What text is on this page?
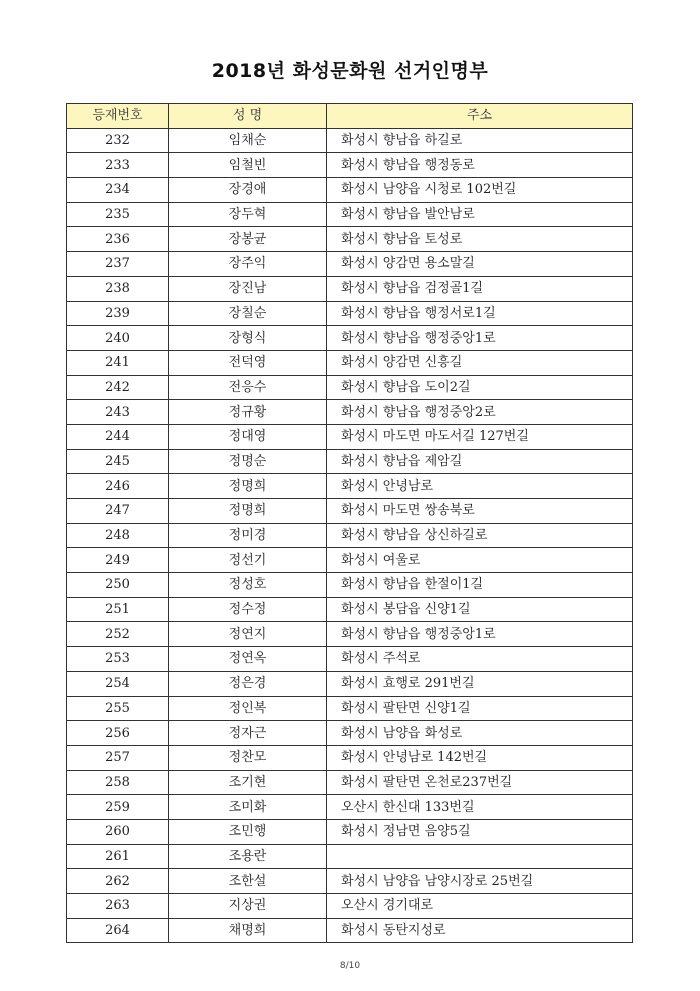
2018년 화성문화원 선거인명부
등재번호	성 명	주소
232	임채순	화성시 향남읍 하길로
233	임철빈	화성시 향남읍 행정동로
234	장경애	화성시 남양읍 시청로 102번길
235	장두혁	화성시 향남읍 발안남로
236	장봉균	화성시 향남읍 토성로
237	장주익	화성시 양감면 용소말길
238	장진남	화성시 향남읍 검정골1길
239	장칠순	화성시 향남읍 행정서로1길
240	장형식	화성시 향남읍 행정중앙1로
241	전덕영	화성시 양감면 신흥길
242	전응수	화성시 향남읍 도이2길
243	정규황	화성시 향남읍 행정중앙2로
244	정대영	화성시 마도면 마도서길 127번길
245	정명순	화성시 향남읍 제암길
246	정명희	화성시 안녕남로
247	정명희	화성시 마도면 쌍송북로
248	정미경	화성시 향남읍 상신하길로
249	정선기	화성시 여울로
250	정성호	화성시 향남읍 한절이1길
251	정수정	화성시 봉담읍 신양1길
252	정연지	화성시 향남읍 행정중앙1로
253	정연옥	화성시 주석로
254	정은경	화성시 효행로 291번길
255	정인복	화성시 팔탄면 신양1길
256	정자근	화성시 남양읍 화성로
257	정찬모	화성시 안녕남로 142번길
258	조기현	화성시 팔탄면 온천로237번길
259	조미화	오산시 한신대 133번길
260	조민행	화성시 정남면 음양5길
261	조용란	
262	조한설	화성시 남양읍 남양시장로 25번길
263	지상권	오산시 경기대로
264	채명희	화성시 동탄지성로
8/10
